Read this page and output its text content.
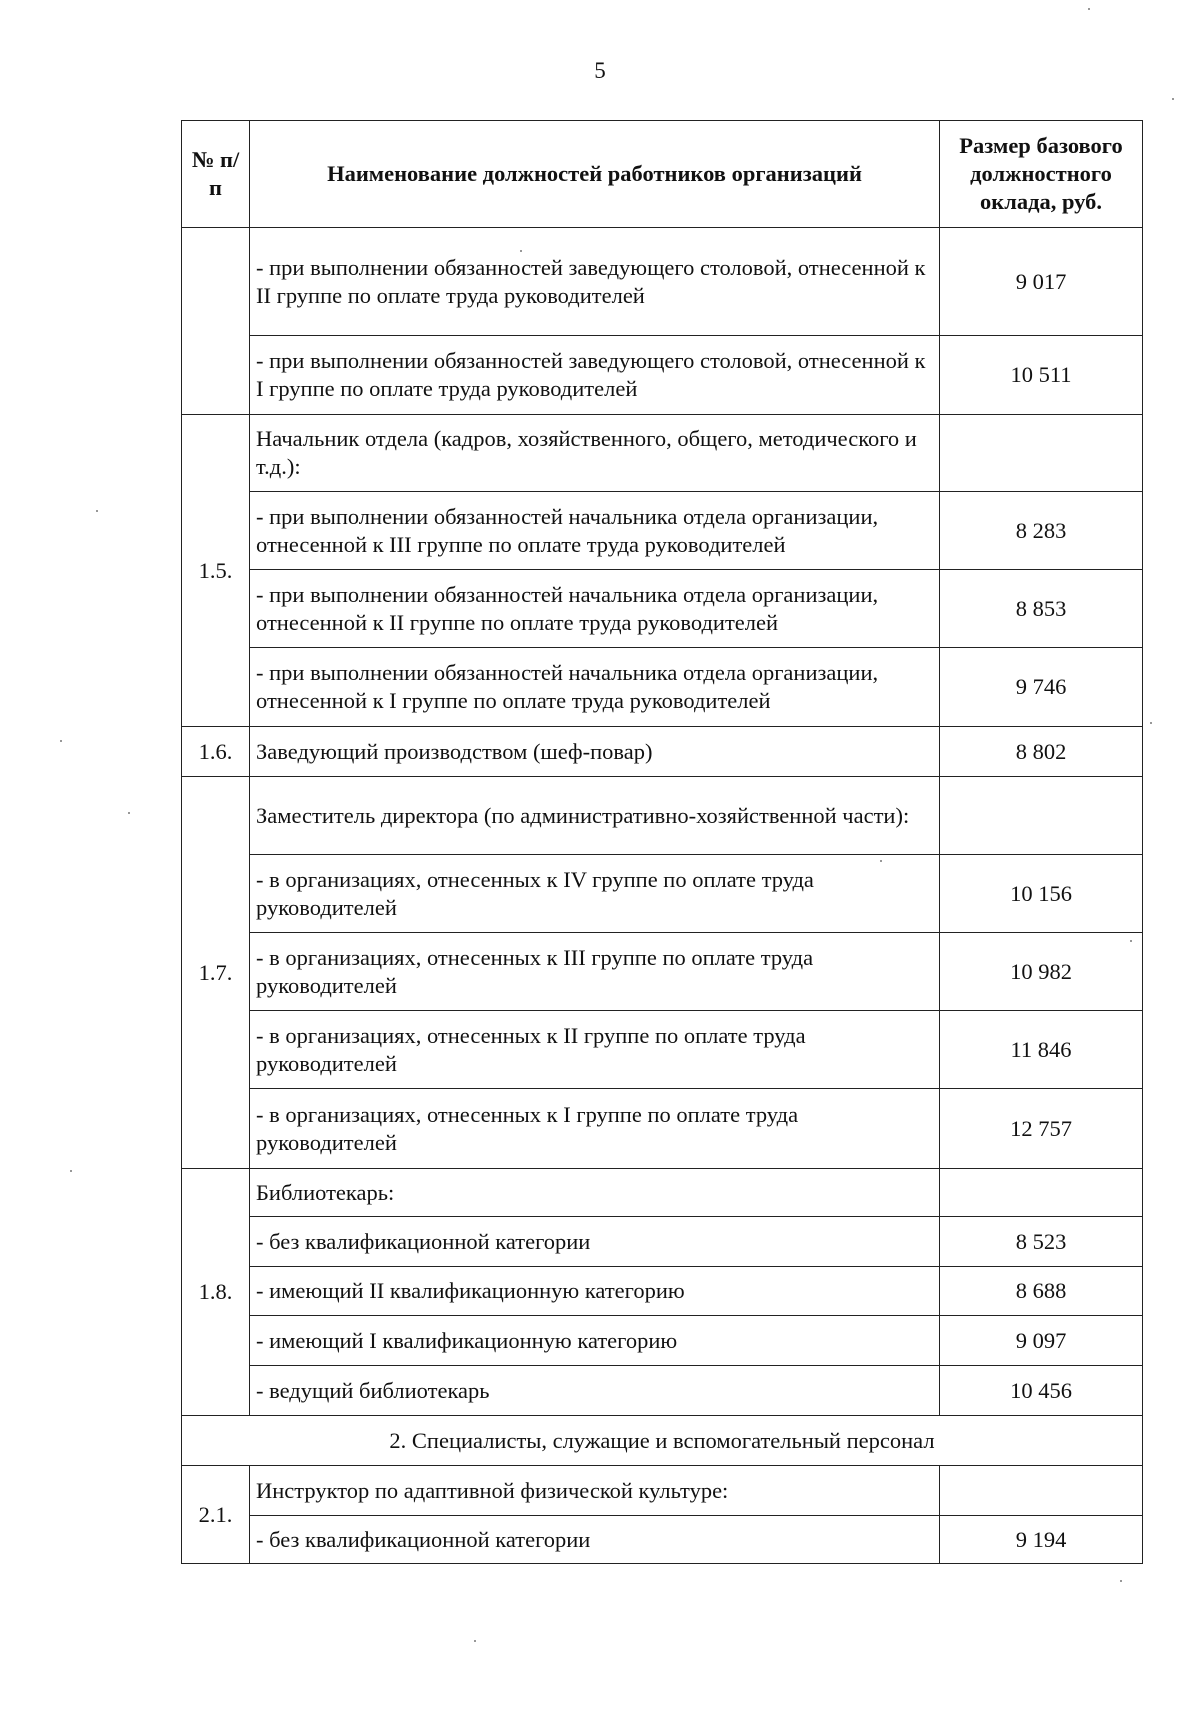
5
№ п/п	Наименование должностей работников организаций	Размер базового должностного оклада, руб.
	- при выполнении обязанностей заведующего столовой, отнесенной к II группе по оплате труда руководителей	9 017
	- при выполнении обязанностей заведующего столовой, отнесенной к I группе по оплате труда руководителей	10 511
1.5.	Начальник отдела (кадров, хозяйственного, общего, методического и т.д.):	
	- при выполнении обязанностей начальника отдела организации, отнесенной к III группе по оплате труда руководителей	8 283
	- при выполнении обязанностей начальника отдела организации, отнесенной к II группе по оплате труда руководителей	8 853
	- при выполнении обязанностей начальника отдела организации, отнесенной к I группе по оплате труда руководителей	9 746
1.6.	Заведующий производством (шеф-повар)	8 802
1.7.	Заместитель директора (по административно-хозяйственной части):	
	- в организациях, отнесенных к IV группе по оплате труда руководителей	10 156
	- в организациях, отнесенных к III группе по оплате труда руководителей	10 982
	- в организациях, отнесенных к II группе по оплате труда руководителей	11 846
	- в организациях, отнесенных к I группе по оплате труда руководителей	12 757
1.8.	Библиотекарь:	
	- без квалификационной категории	8 523
	- имеющий II квалификационную категорию	8 688
	- имеющий I квалификационную категорию	9 097
	- ведущий библиотекарь	10 456
2. Специалисты, служащие и вспомогательный персонал		
2.1.	Инструктор по адаптивной физической культуре:	
	- без квалификационной категории	9 194
